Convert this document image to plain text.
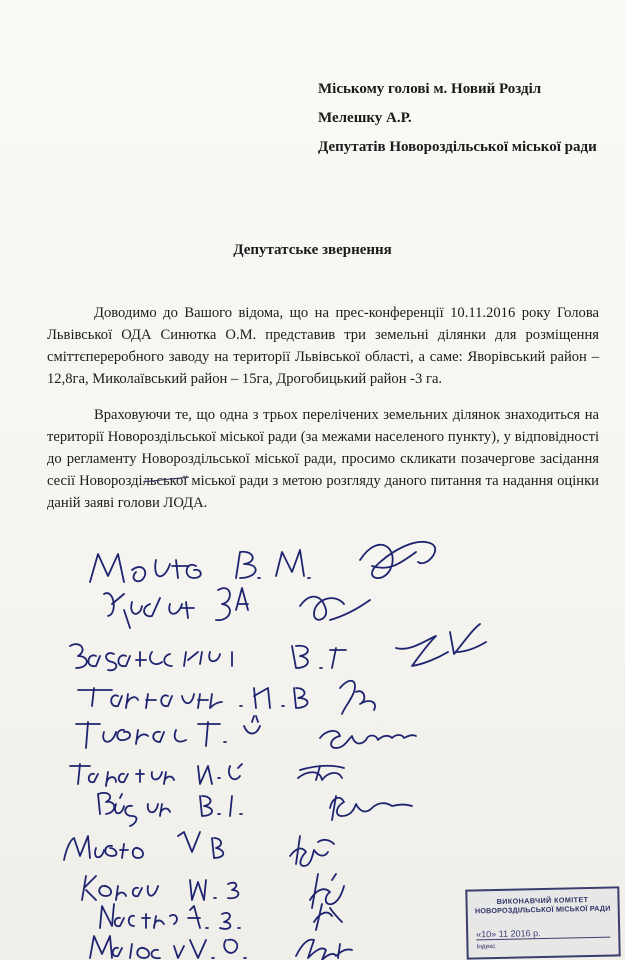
Міському голові м. Новий Розділ
Мелешку А.Р.
Депутатів Новороздільської міської ради
Депутатське звернення
Доводимо до Вашого відома, що на прес-конференції 10.11.2016 року Голова Львівської ОДА Синютка О.М. представив три земельні ділянки для розміщення сміттєпереробного заводу на території Львівської області, а саме: Яворівський район – 12,8га, Миколаївський район – 15га, Дрогобицький район -3 га.
Враховуючи те, що одна з трьох перелічених земельних ділянок знаходиться на території Новороздільської міської ради (за межами населеного пункту), у відповідності до регламенту Новороздільської міської ради, просимо скликати позачергове засідання сесії Новороздільської міської ради з метою розгляду даного питання та надання оцінки даній заяві голови ЛОДА.
ВИКОНАВЧИЙ КОМІТЕТ
НОВОРОЗДІЛЬСЬКОЇ МІСЬКОЇ РАДИ
«10» 11 2016 р.
Індекс
